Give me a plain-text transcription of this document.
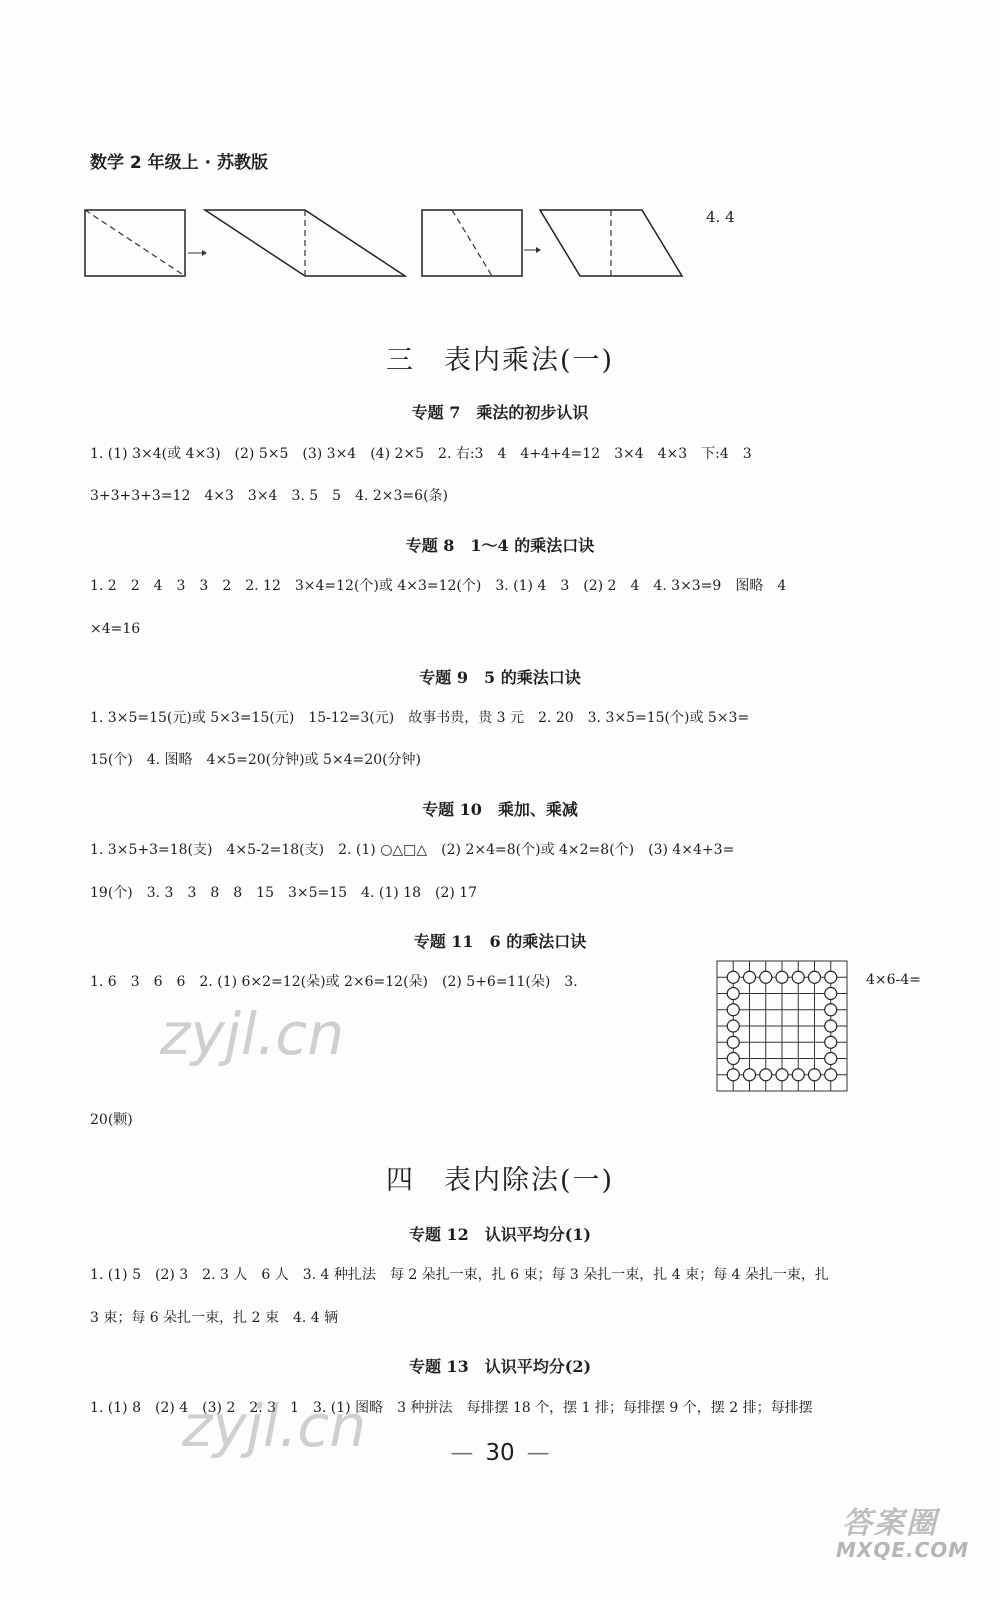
数学 2 年级上 · 苏教版
4. 4
三　表内乘法(一)
专题 7　乘法的初步认识
1. (1) 3×4(或 4×3)　(2) 5×5　(3) 3×4　(4) 2×5　2. 右:3　4　4+4+4=12　3×4　4×3　下:4　3
3+3+3+3=12　4×3　3×4　3. 5　5　4. 2×3=6(条)
专题 8　1～4 的乘法口诀
1. 2　2　4　3　3　2　2. 12　3×4=12(个)或 4×3=12(个)　3. (1) 4　3　(2) 2　4　4. 3×3=9　图略　4
×4=16
专题 9　5 的乘法口诀
1. 3×5=15(元)或 5×3=15(元)　15-12=3(元)　故事书贵，贵 3 元　2. 20　3. 3×5=15(个)或 5×3=
15(个)　4. 图略　4×5=20(分钟)或 5×4=20(分钟)
专题 10　乘加、乘减
1. 3×5+3=18(支)　4×5-2=18(支)　2. (1) ○△□△　(2) 2×4=8(个)或 4×2=8(个)　(3) 4×4+3=
19(个)　3. 3　3　8　8　15　3×5=15　4. (1) 18　(2) 17
专题 11　6 的乘法口诀
1. 6　3　6　6　2. (1) 6×2=12(朵)或 2×6=12(朵)　(2) 5+6=11(朵)　3.	4×6-4=
zyjl.cn
20(颗)
四　表内除法(一)
专题 12　认识平均分(1)
1. (1) 5　(2) 3　2. 3 人　6 人　3. 4 种扎法　每 2 朵扎一束，扎 6 束；每 3 朵扎一束，扎 4 束；每 4 朵扎一束，扎
3 束；每 6 朵扎一束，扎 2 束　4. 4 辆
专题 13　认识平均分(2)
1. (1) 8　(2) 4　(3) 2　2. 3　1　3. (1) 图略　3 种拼法　每排摆 18 个，摆 1 排；每排摆 9 个，摆 2 排；每排摆
— 30 —
zyjl.cn
答案圈
MXQE.COM
